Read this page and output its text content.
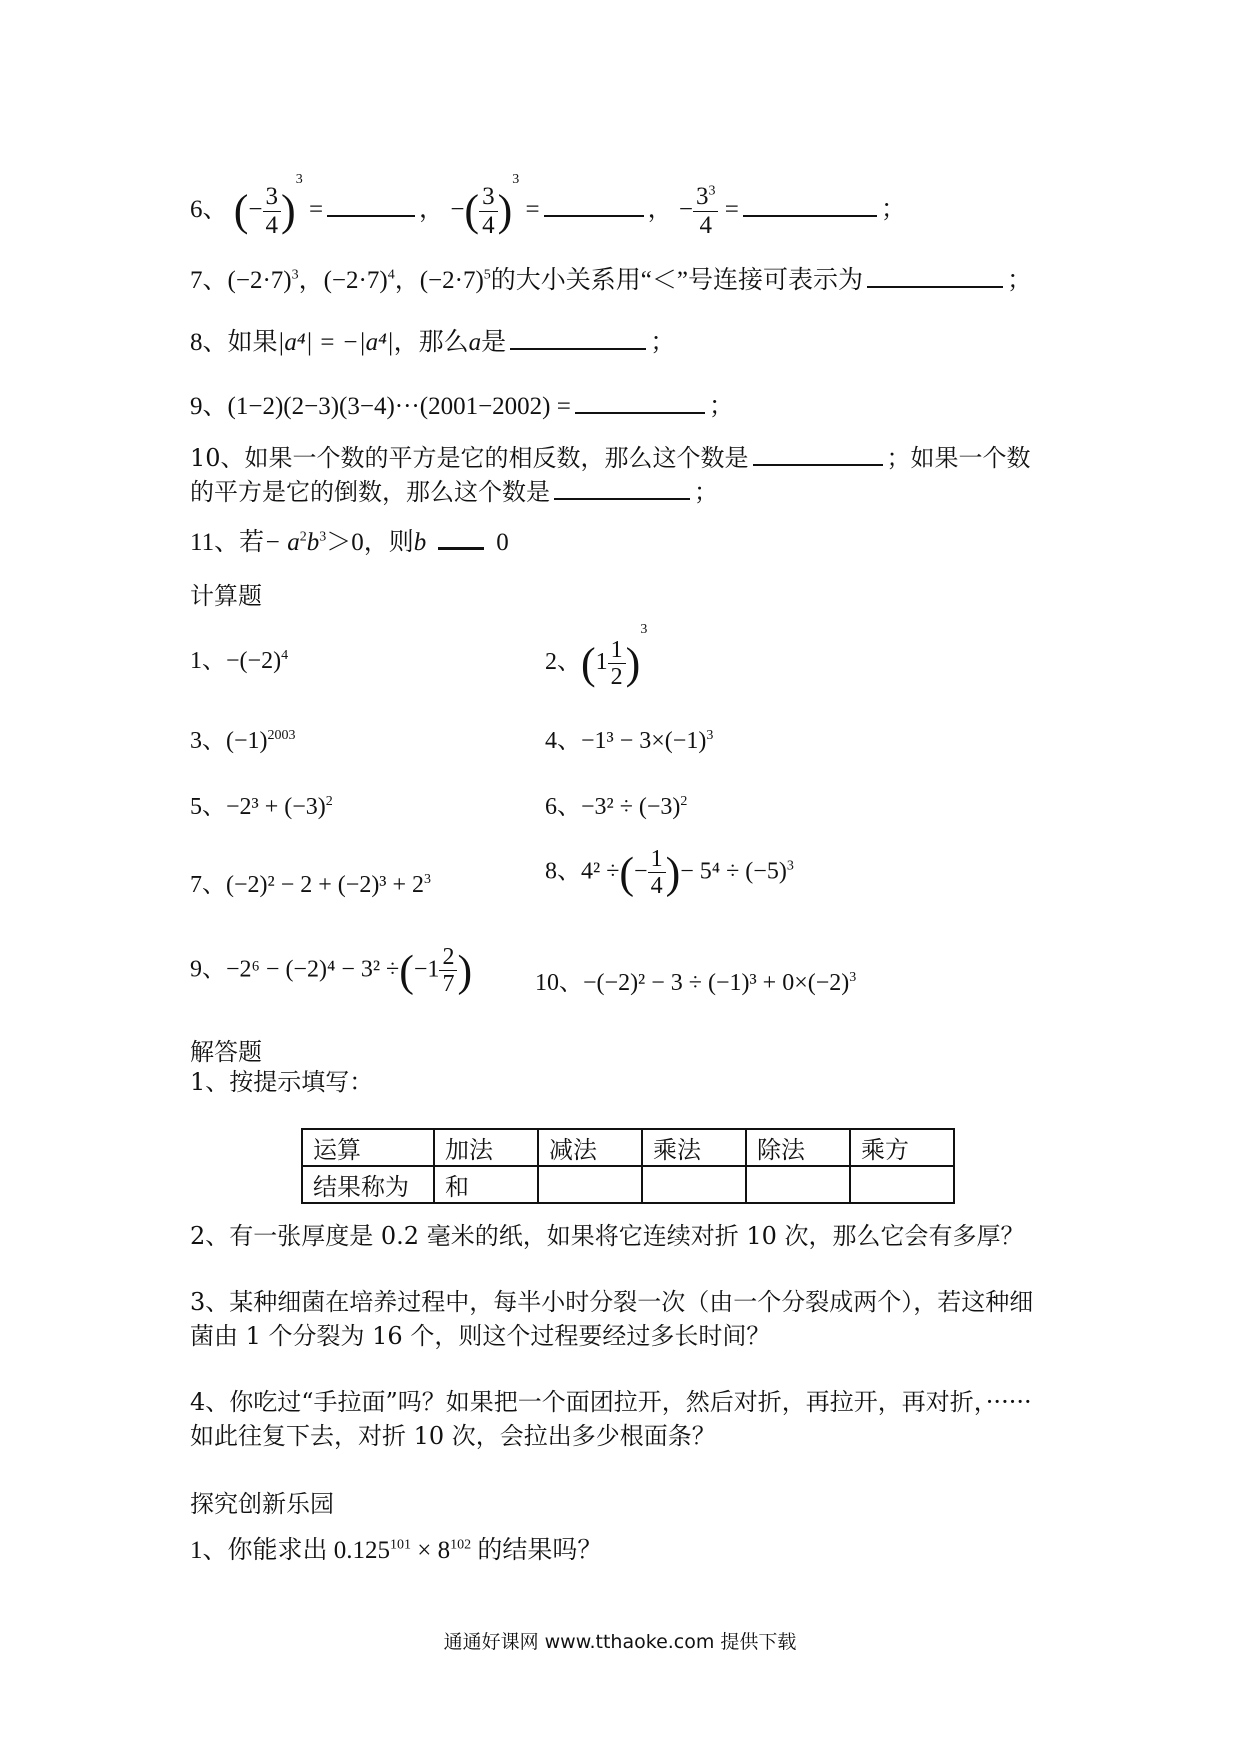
6、 (− $\frac{3}{4} )^3$ =	， −( $\frac{3}{4} )^3$ =	， − $\frac{3^3}{4}$ =	；
7、$(-2\cdot 7)^3$，$(-2\cdot 7)^4$，$(-2\cdot 7)^5$的大小关系用“＜”号连接可表示为	；
8、如果|a⁴| = −|a⁴|，那么a是	；
9、(1−2)(2−3)(3−4)···(2001−2002) =	；
10、如果一个数的平方是它的相反数，那么这个数是	；如果一个数
的平方是它的倒数，那么这个数是	；
11、若− $a^2b^3>0$，则b	0
计算题
1、$-(-2)^4$	2、$(1 \frac{1}{2} )^3$
3、$(-1)^{2003}$	4、$-1^3 - 3\times(-1)^3$
5、$-2^3 + (-3)^2$	6、$-3^2 \div (-3)^2$
7、$(-2)^2 - 2 + (-2)^3 + 2^3$	8、4² ÷(− $\frac{1}{4}$ )− $5^4 \div (-5)^3$
9、$-2^6 - (-2)^4 - 3^2 \div(-1 \frac{2}{7}$ )	10、$-(-2)^2 - 3 \div (-1)^3 + 0\times(-2)^3$
解答题
1、按提示填写：
运算	加法	减法	乘法	除法	乘方
结果称为	和				
2、有一张厚度是 0.2 毫米的纸，如果将它连续对折 10 次，那么它会有多厚？
3、某种细菌在培养过程中，每半小时分裂一次（由一个分裂成两个），若这种细
菌由 1 个分裂为 16 个，则这个过程要经过多长时间？
4、你吃过“手拉面”吗？如果把一个面团拉开，然后对折，再拉开，再对折，······
如此往复下去，对折 10 次，会拉出多少根面条？
探究创新乐园
1、你能求出 $0.125^{101} \times 8^{102}$ 的结果吗？
通通好课网 www.tthaoke.com 提供下载
